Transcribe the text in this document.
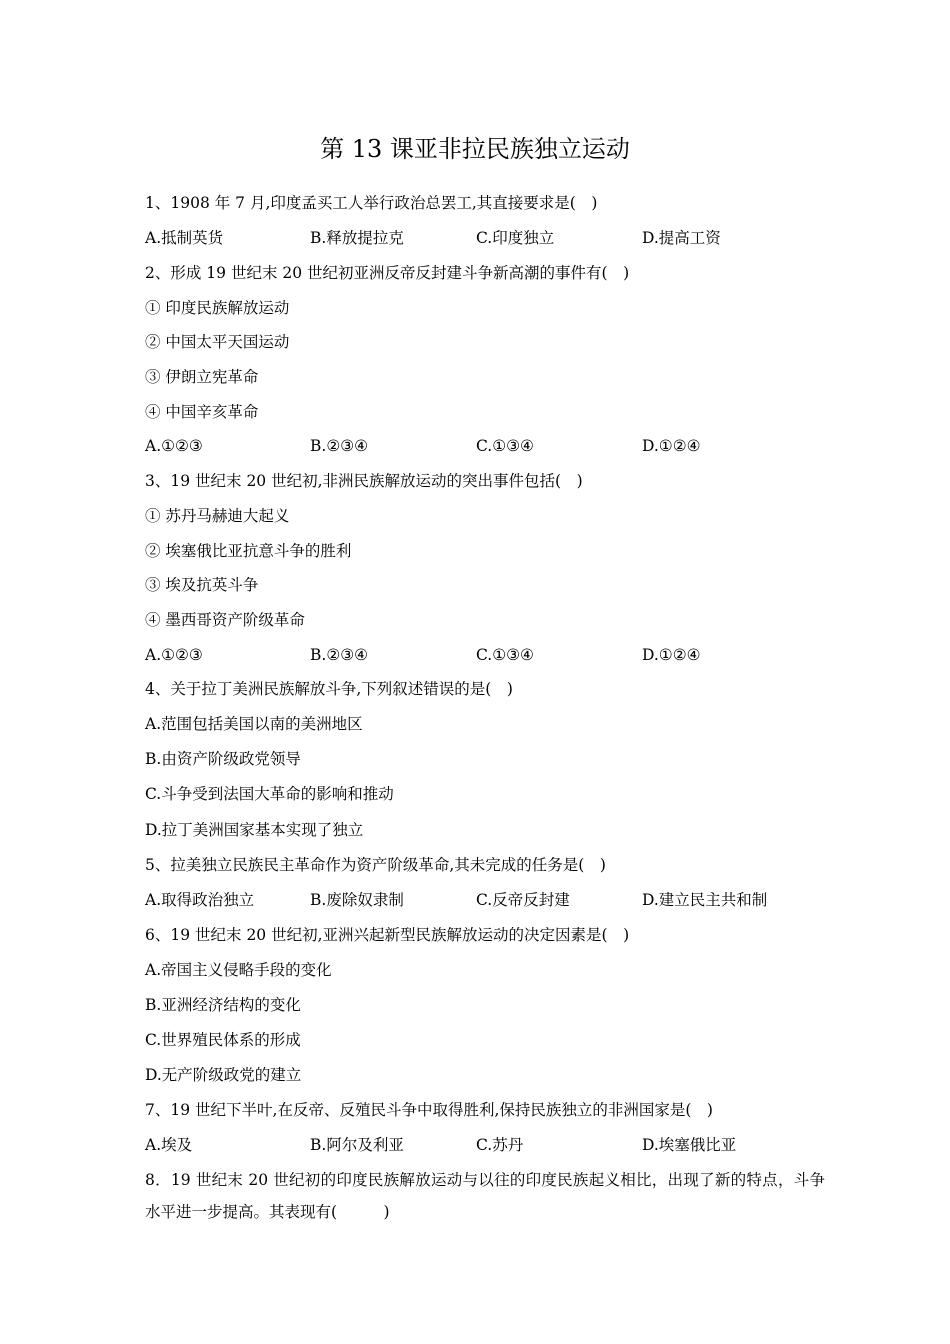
第 13 课亚非拉民族独立运动
1、1908 年 7 月,印度孟买工人举行政治总罢工,其直接要求是(　)
A.抵制英货	B.释放提拉克	C.印度独立	D.提高工资
2、形成 19 世纪末 20 世纪初亚洲反帝反封建斗争新高潮的事件有(　)
① 印度民族解放运动
② 中国太平天国运动
③ 伊朗立宪革命
④ 中国辛亥革命
A.①②③	B.②③④	C.①③④	D.①②④
3、19 世纪末 20 世纪初,非洲民族解放运动的突出事件包括(　)
① 苏丹马赫迪大起义
② 埃塞俄比亚抗意斗争的胜利
③ 埃及抗英斗争
④ 墨西哥资产阶级革命
A.①②③	B.②③④	C.①③④	D.①②④
4、关于拉丁美洲民族解放斗争,下列叙述错误的是(　)
A.范围包括美国以南的美洲地区
B.由资产阶级政党领导
C.斗争受到法国大革命的影响和推动
D.拉丁美洲国家基本实现了独立
5、拉美独立民族民主革命作为资产阶级革命,其未完成的任务是(　)
A.取得政治独立	B.废除奴隶制	C.反帝反封建	D.建立民主共和制
6、19 世纪末 20 世纪初,亚洲兴起新型民族解放运动的决定因素是(　)
A.帝国主义侵略手段的变化
B.亚洲经济结构的变化
C.世界殖民体系的形成
D.无产阶级政党的建立
7、19 世纪下半叶,在反帝、反殖民斗争中取得胜利,保持民族独立的非洲国家是(　)
A.埃及	B.阿尔及利亚	C.苏丹	D.埃塞俄比亚
8．19 世纪末 20 世纪初的印度民族解放运动与以往的印度民族起义相比，出现了新的特点，斗争水平进一步提高。其表现有(　　　)
